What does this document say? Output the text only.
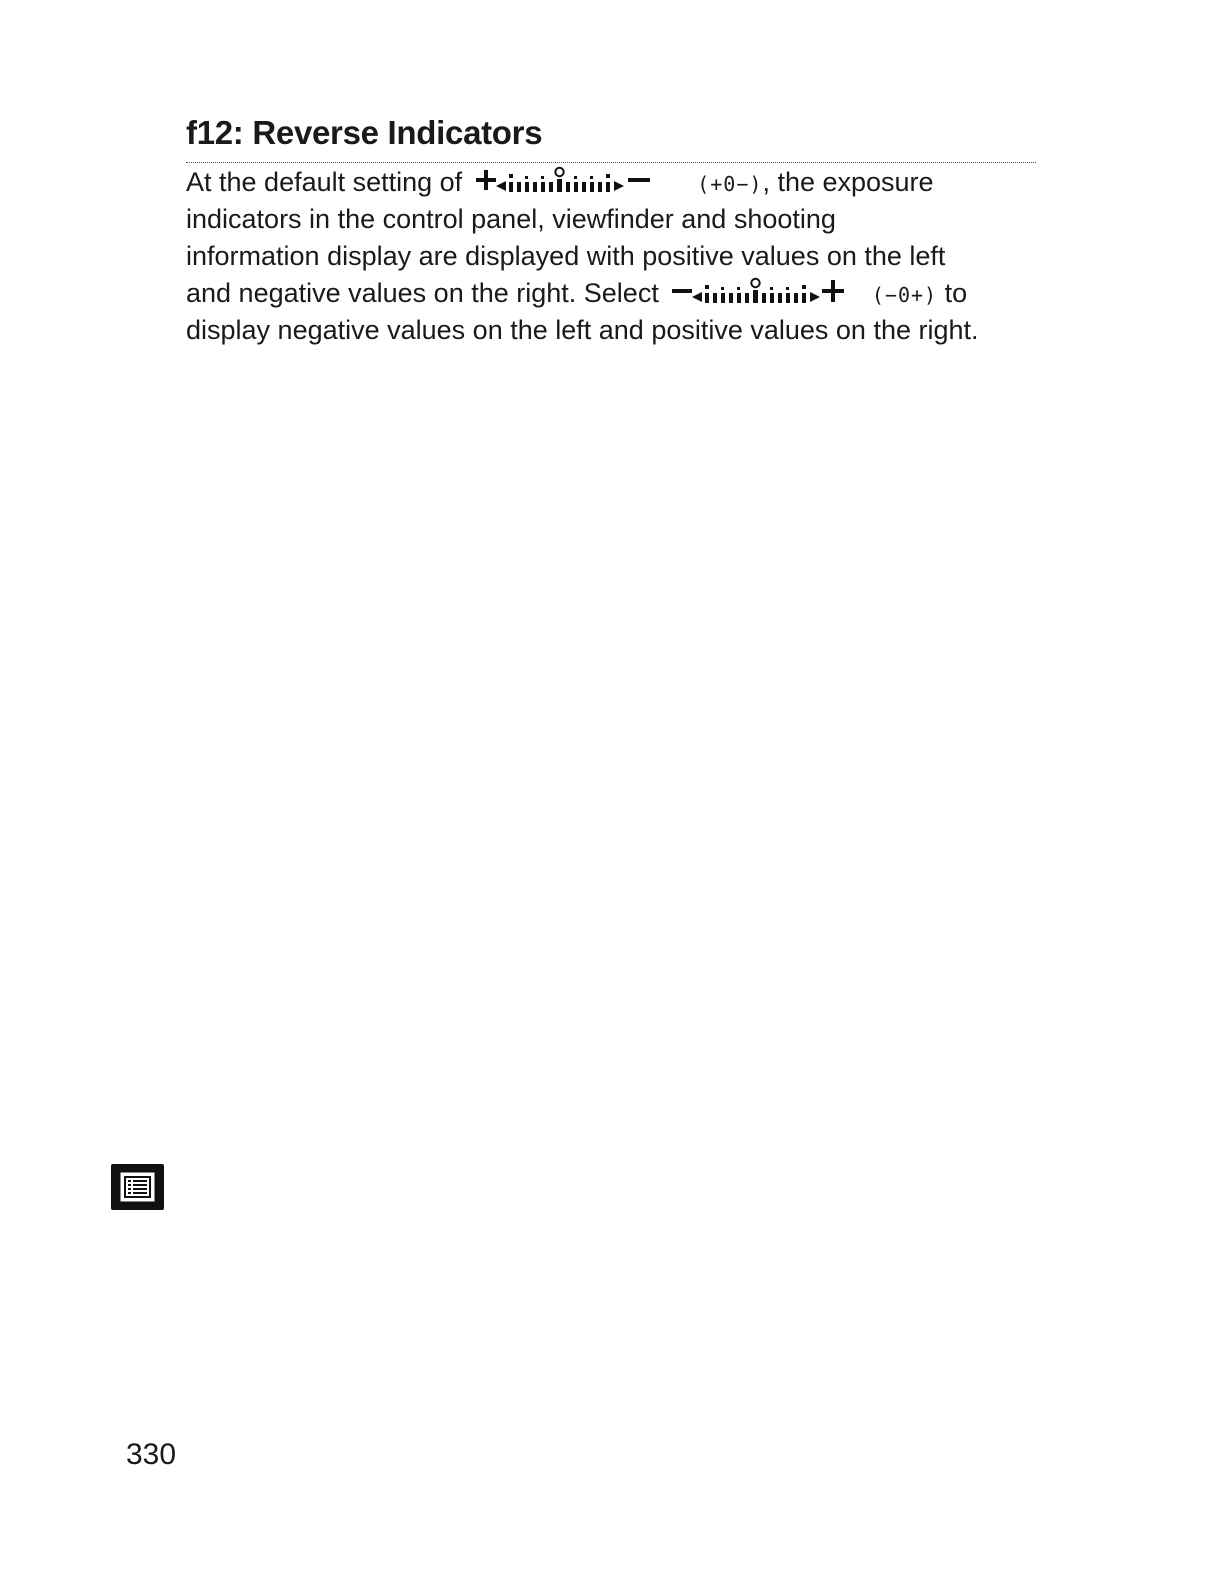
f12: Reverse Indicators
At the default setting of	(+0−), the exposure
indicators in the control panel, viewfinder and shooting
information display are displayed with positive values on the left
and negative values on the right. Select	(−0+) to
display negative values on the left and positive values on the right.

330
